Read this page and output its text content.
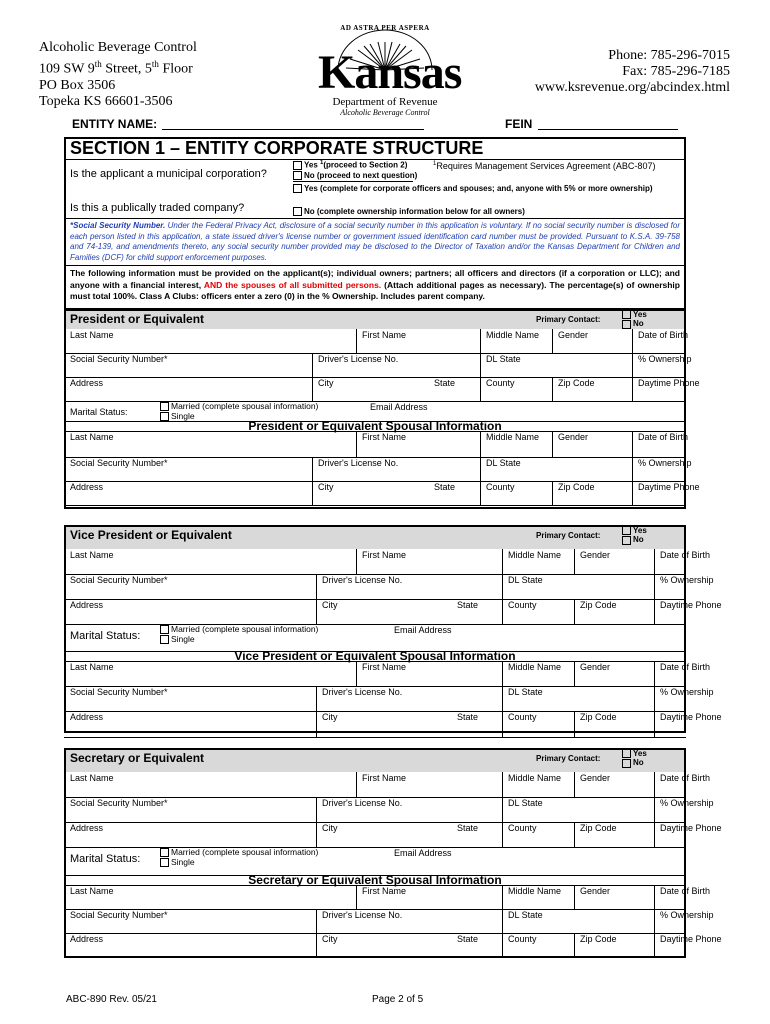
Alcoholic Beverage Control
109 SW 9th Street, 5th Floor
PO Box 3506
Topeka KS 66601-3506
AD ASTRA PER ASPERA
Kansas
Department of Revenue
Alcoholic Beverage Control
Phone: 785-296-7015
Fax: 785-296-7185
www.ksrevenue.org/abcindex.html
ENTITY NAME:	FEIN
SECTION 1 – ENTITY CORPORATE STRUCTURE
Is the applicant a municipal corporation?
Yes $^1$(proceed to Section 2)	$^1$Requires Management Services Agreement (ABC-807)
No (proceed to next question)
Is this a publically traded company?
Yes (complete for corporate officers and spouses; and, anyone with 5% or more ownership)
No (complete ownership information below for all owners)
*Social Security Number. Under the Federal Privacy Act, disclosure of a social security number in this application is voluntary. If no social security number is disclosed for each person listed in this application, a state issued driver's license number or government issued identification card number must be provided. Pursuant to K.S.A. 39-758 and 74-139, and amendments thereto, any social security number provided may be disclosed to the Director of Taxation and/or the Kansas Department for Children and Families (DCF) for child support enforcement purposes.
The following information must be provided on the applicant(s); individual owners; partners; all officers and directors (if a corporation or LLC); and anyone with a financial interest, AND the spouses of all submitted persons. (Attach additional pages as necessary). The percentage(s) of ownership must total 100%. Class A Clubs: officers enter a zero (0) in the % Ownership. Includes parent company.
President or Equivalent	Primary Contact:
Yes
No
Last Name	First Name	Middle Name Gender	Date of Birth
Social Security Number*	Driver's License No.	DL State	% Ownership
Address	City	State	County	Zip Code	Daytime Phone
Marital Status:
Married (complete spousal information)
Single
Email Address
President or Equivalent Spousal Information
Last Name	First Name	Middle Name Gender	Date of Birth
Social Security Number*	Driver's License No.	DL State	% Ownership
Address	City	State	County	Zip Code	Daytime Phone
Vice President or Equivalent	Primary Contact:
Yes
No
Last Name	First Name	Middle Name Gender	Date of Birth
Social Security Number*	Driver's License No.	DL State	% Ownership
Address	City	State	County	Zip Code	Daytime Phone
Marital Status:
Married (complete spousal information)
Single
Email Address
Vice President or Equivalent Spousal Information
Last Name	First Name	Middle Name Gender	Date of Birth
Social Security Number*	Driver's License No.	DL State	% Ownership
Address	City	State	County	Zip Code	Daytime Phone
Secretary or Equivalent	Primary Contact:
Yes
No
Last Name	First Name	Middle Name Gender	Date of Birth
Social Security Number*	Driver's License No.	DL State	% Ownership
Address	City	State	County	Zip Code	Daytime Phone
Marital Status:
Married (complete spousal information)
Single
Email Address
Secretary or Equivalent Spousal Information
Last Name	First Name	Middle Name Gender	Date of Birth
Social Security Number*	Driver's License No.	DL State	% Ownership
Address	City	State	County	Zip Code	Daytime Phone
ABC-890 Rev. 05/21	Page 2 of 5
